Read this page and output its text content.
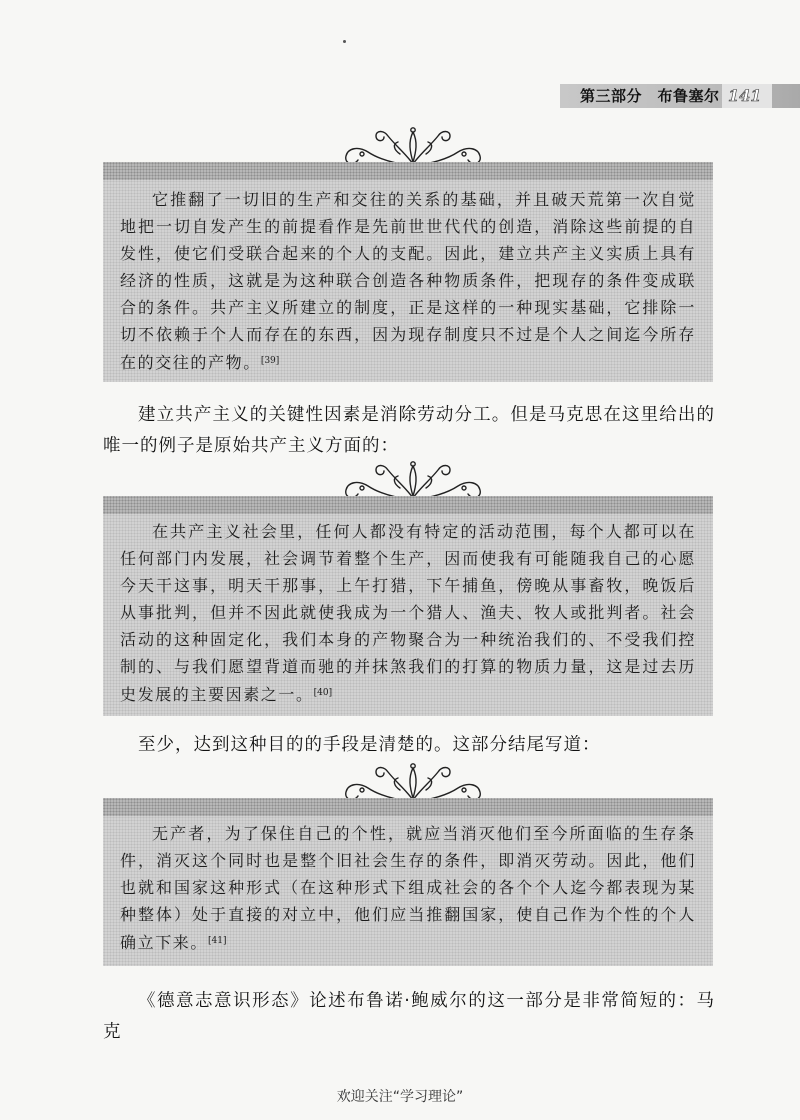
第三部分　布鲁塞尔 141
它推翻了一切旧的生产和交往的关系的基础，并且破天荒第一次自觉地把一切自发产生的前提看作是先前世世代代的创造，消除这些前提的自发性，使它们受联合起来的个人的支配。因此，建立共产主义实质上具有经济的性质，这就是为这种联合创造各种物质条件，把现存的条件变成联合的条件。共产主义所建立的制度，正是这样的一种现实基础，它排除一切不依赖于个人而存在的东西，因为现存制度只不过是个人之间迄今所存在的交往的产物。[39]
建立共产主义的关键性因素是消除劳动分工。但是马克思在这里给出的唯一的例子是原始共产主义方面的：
在共产主义社会里，任何人都没有特定的活动范围，每个人都可以在任何部门内发展，社会调节着整个生产，因而使我有可能随我自己的心愿今天干这事，明天干那事，上午打猎，下午捕鱼，傍晚从事畜牧，晚饭后从事批判，但并不因此就使我成为一个猎人、渔夫、牧人或批判者。社会活动的这种固定化，我们本身的产物聚合为一种统治我们的、不受我们控制的、与我们愿望背道而驰的并抹煞我们的打算的物质力量，这是过去历史发展的主要因素之一。[40]
至少，达到这种目的的手段是清楚的。这部分结尾写道：
无产者，为了保住自己的个性，就应当消灭他们至今所面临的生存条件，消灭这个同时也是整个旧社会生存的条件，即消灭劳动。因此，他们也就和国家这种形式（在这种形式下组成社会的各个个人迄今都表现为某种整体）处于直接的对立中，他们应当推翻国家，使自己作为个性的个人确立下来。[41]
《德意志意识形态》论述布鲁诺·鲍威尔的这一部分是非常简短的：马克
欢迎关注“学习理论”
